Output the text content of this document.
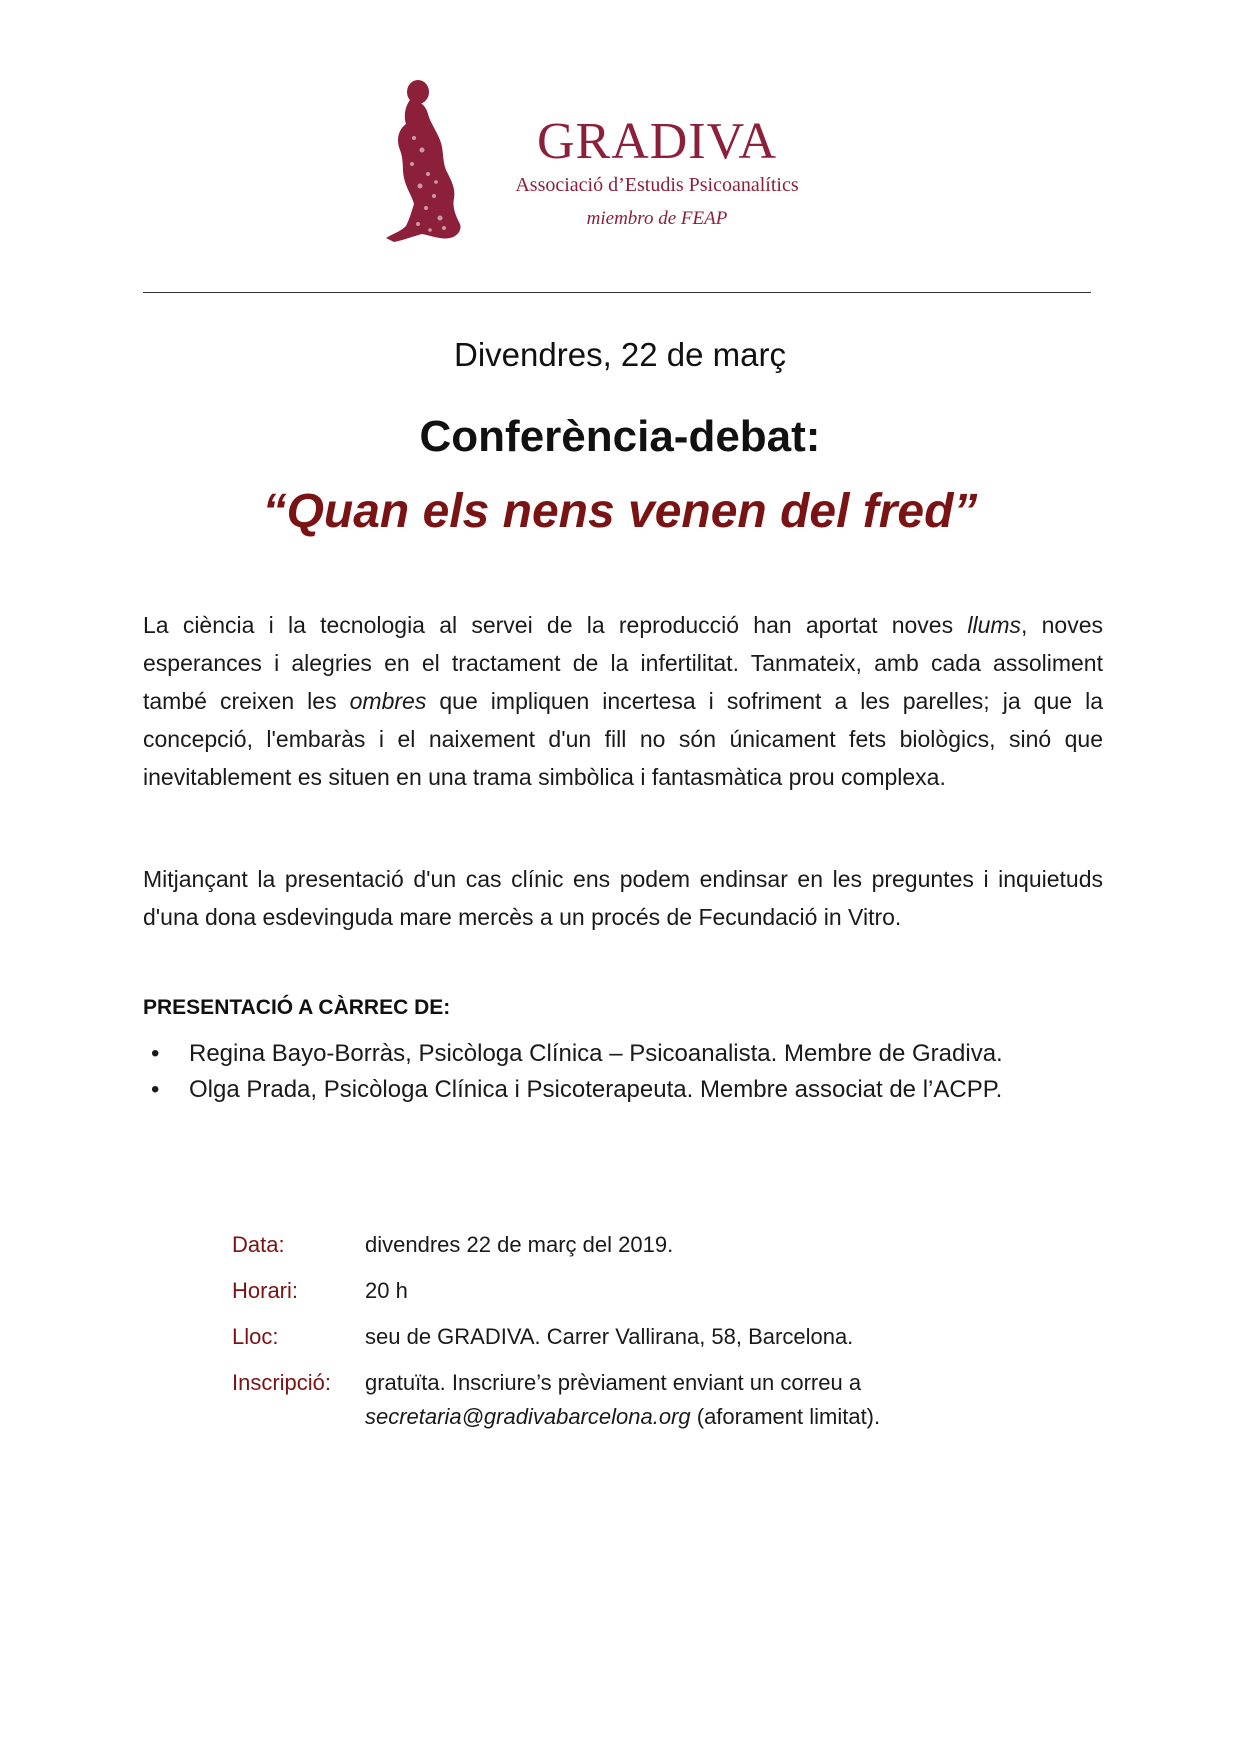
GRADIVA
Associació d’Estudis Psicoanalítics
miembro de FEAP
Divendres, 22 de març
Conferència-debat:
“Quan els nens venen del fred”

La ciència i la tecnologia al servei de la reproducció han aportat noves llums, noves esperances i alegries en el tractament de la infertilitat. Tanmateix, amb cada assoliment també creixen les ombres que impliquen incertesa i sofriment a les parelles; ja que la concepció, l'embaràs i el naixement d'un fill no són únicament fets biològics, sinó que inevitablement es situen en una trama simbòlica i fantasmàtica prou complexa.

Mitjançant la presentació d'un cas clínic ens podem endinsar en les preguntes i inquietuds d'una dona esdevinguda mare mercès a un procés de Fecundació in Vitro.

PRESENTACIÓ A CÀRREC DE:
• Regina Bayo-Borràs, Psicòloga Clínica – Psicoanalista. Membre de Gradiva.
• Olga Prada, Psicòloga Clínica i Psicoterapeuta. Membre associat de l’ACPP.
Data:	divendres 22 de març del 2019.
Horari:	20 h
Lloc:	seu de GRADIVA. Carrer Vallirana, 58, Barcelona.
Inscripció:	gratuïta. Inscriure’s prèviament enviant un correu a
secretaria@gradivabarcelona.org (aforament limitat).
